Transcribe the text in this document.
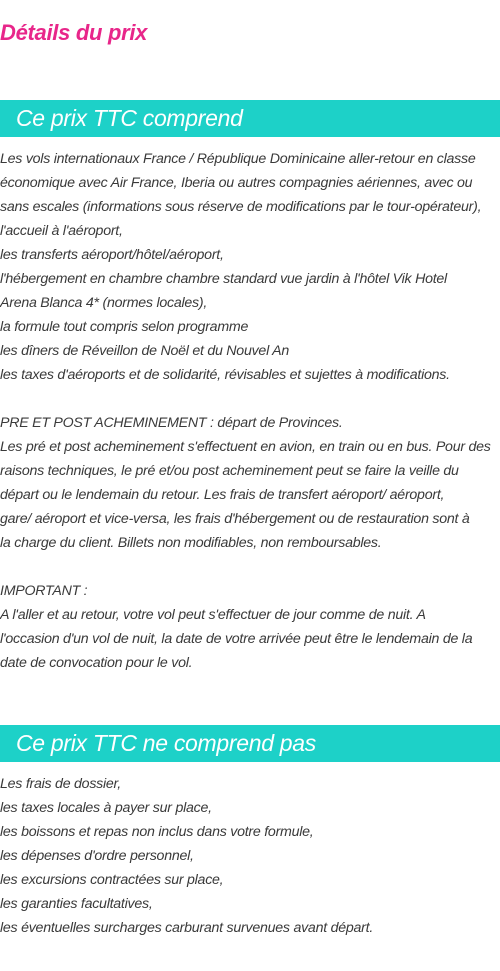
Détails du prix
Ce prix TTC comprend

Les vols internationaux France / République Dominicaine aller-retour en classe

économique avec Air France, Iberia ou autres compagnies aériennes, avec ou

sans escales (informations sous réserve de modifications par le tour-opérateur),

l'accueil à l'aéroport,

les transferts aéroport/hôtel/aéroport,

l'hébergement en chambre chambre standard vue jardin à l'hôtel Vik Hotel

Arena Blanca 4* (normes locales),

la formule tout compris selon programme

les dîners de Réveillon de Noël et du Nouvel An

les taxes d'aéroports et de solidarité, révisables et sujettes à modifications.

PRE ET POST ACHEMINEMENT : départ de Provinces.

Les pré et post acheminement s'effectuent en avion, en train ou en bus. Pour des

raisons techniques, le pré et/ou post acheminement peut se faire la veille du

départ ou le lendemain du retour. Les frais de transfert aéroport/ aéroport,

gare/ aéroport et vice-versa, les frais d'hébergement ou de restauration sont à

la charge du client. Billets non modifiables, non remboursables.

IMPORTANT :

A l'aller et au retour, votre vol peut s'effectuer de jour comme de nuit. A

l'occasion d'un vol de nuit, la date de votre arrivée peut être le lendemain de la

date de convocation pour le vol.

Ce prix TTC ne comprend pas

Les frais de dossier,

les taxes locales à payer sur place,

les boissons et repas non inclus dans votre formule,

les dépenses d'ordre personnel,

les excursions contractées sur place,

les garanties facultatives,

les éventuelles surcharges carburant survenues avant départ.
